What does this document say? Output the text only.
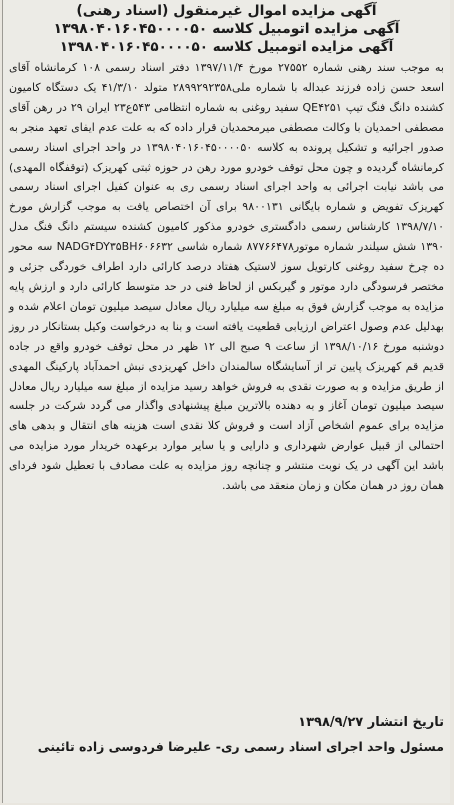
آگهی مزایده اموال غیرمنقول (اسناد رهنی)
آگهی مزایده اتومبیل کلاسه ۱۳۹۸۰۴۰۱۶۰۴۵۰۰۰۰۵۰
آگهی مزایده اتومبیل کلاسه ۱۳۹۸۰۴۰۱۶۰۴۵۰۰۰۰۵۰
به موجب سند رهنی شماره ۲۷۵۵۲ مورخ ۱۳۹۷/۱۱/۴ دفتر اسناد رسمی ۱۰۸ کرمانشاه آقای اسعد حسن زاده فرزند عبداله با شماره ملی۲۸۹۹۲۹۲۳۵۸ متولد ۴۱/۳/۱۰ یک دستگاه کامیون کشنده دانگ فنگ تیپ QE۴۲۵۱ سفید روغنی به شماره انتظامی ۵۴۳ع۲۳ ایران ۲۹ در رهن آقای مصطفی احمدیان با وکالت مصطفی میرمحمدیان قرار داده که به علت عدم ایفای تعهد منجر به صدور اجرائیه و تشکیل پرونده به کلاسه ۱۳۹۸۰۴۰۱۶۰۴۵۰۰۰۰۵۰ در واحد اجرای اسناد رسمی کرمانشاه گردیده و چون محل توقف خودرو مورد رهن در حوزه ثبتی کهریزک (توقفگاه المهدی) می باشد نیابت اجرائی به واحد اجرای اسناد رسمی ری به عنوان کفیل اجرای اسناد رسمی کهریزک تفویض و شماره بایگانی ۹۸۰۰۱۳۱ برای آن اختصاص یافت به موجب گزارش مورخ ۱۳۹۸/۷/۱۰ کارشناس رسمی دادگستری خودرو مذکور کامیون کشنده سیستم دانگ فنگ مدل ۱۳۹۰ شش سیلندر شماره موتور۸۷۷۶۶۴۷۸ شماره شاسی NADG۴DY۳۵BH۶۰۶۶۳۲ سه محور ده چرخ سفید روغنی کارتویل سوز لاستیک هفتاد درصد کارائی دارد اطراف خوردگی جزئی و مختصر فرسودگی دارد موتور و گیربکس از لحاظ فنی در حد متوسط کارائی دارد و ارزش پایه مزایده به موجب گزارش فوق به مبلغ سه میلیارد ریال معادل سیصد میلیون تومان اعلام شده و بهدلیل عدم وصول اعتراض ارزیابی قطعیت یافته است و بنا به درخواست وکیل بستانکار در روز دوشنبه مورخ ۱۳۹۸/۱۰/۱۶ از ساعت ۹ صبح الی ۱۲ ظهر در محل توقف خودرو واقع در جاده قدیم قم کهریزک پایین تر از آسایشگاه سالمندان داخل کهریزدی نبش احمدآباد پارکینگ المهدی از طریق مزایده و به صورت نقدی به فروش خواهد رسید مزایده از مبلغ سه میلیارد ریال معادل سیصد میلیون تومان آغاز و به دهنده بالاترین مبلغ پیشنهادی واگذار می گردد شرکت در جلسه مزایده برای عموم اشخاص آزاد است و فروش کلا نقدی است هزینه های انتقال و بدهی های احتمالی از قبیل عوارض شهرداری و دارایی و یا سایر موارد برعهده خریدار مورد مزایده می باشد این آگهی در یک نوبت منتشر و چنانچه روز مزایده به علت مصادف با تعطیل شود فردای همان روز در همان مکان و زمان منعقد می باشد.
تاریخ انتشار ۱۳۹۸/۹/۲۷
مسئول واحد اجرای اسناد رسمی ری- علیرضا فردوسی زاده تائینی
